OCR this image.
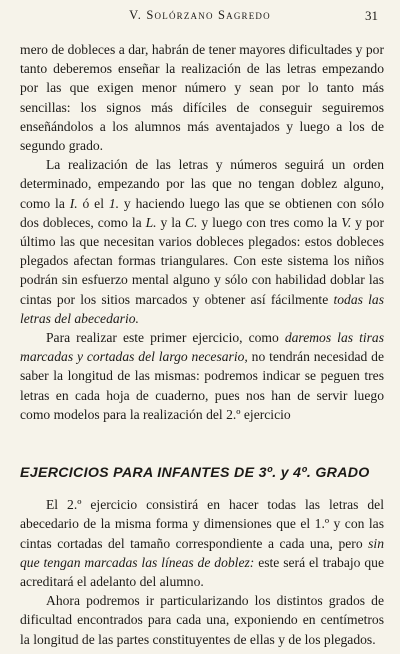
V. Solórzano Sagredo	31

mero de dobleces a dar, habrán de tener mayores dificultades y por tanto deberemos enseñar la realización de las letras empezando por las que exigen menor número y sean por lo tanto más sencillas: los signos más difíciles de conseguir seguiremos enseñándolos a los alumnos más aventajados y luego a los de segundo grado.

La realización de las letras y números seguirá un orden determinado, empezando por las que no tengan doblez alguno, como la I. ó el 1. y haciendo luego las que se obtienen con sólo dos dobleces, como la L. y la C. y luego con tres como la V. y por último las que necesitan varios dobleces plegados: estos dobleces plegados afectan formas triangulares. Con este sistema los niños podrán sin esfuerzo mental alguno y sólo con habilidad doblar las cintas por los sitios marcados y obtener así fácilmente todas las letras del abecedario.

Para realizar este primer ejercicio, como daremos las tiras marcadas y cortadas del largo necesario, no tendrán necesidad de saber la longitud de las mismas: podremos indicar se peguen tres letras en cada hoja de cuaderno, pues nos han de servir luego como modelos para la realización del 2.º ejercicio

EJERCICIOS PARA INFANTES DE 3º. y 4º. GRADO

El 2.º ejercicio consistirá en hacer todas las letras del abecedario de la misma forma y dimensiones que el 1.º y con las cintas cortadas del tamaño correspondiente a cada una, pero sin que tengan marcadas las líneas de doblez: este será el trabajo que acreditará el adelanto del alumno.

Ahora podremos ir particularizando los distintos grados de dificultad encontrados para cada una, exponiendo en centímetros la longitud de las partes constituyentes de ellas y de los plegados.
